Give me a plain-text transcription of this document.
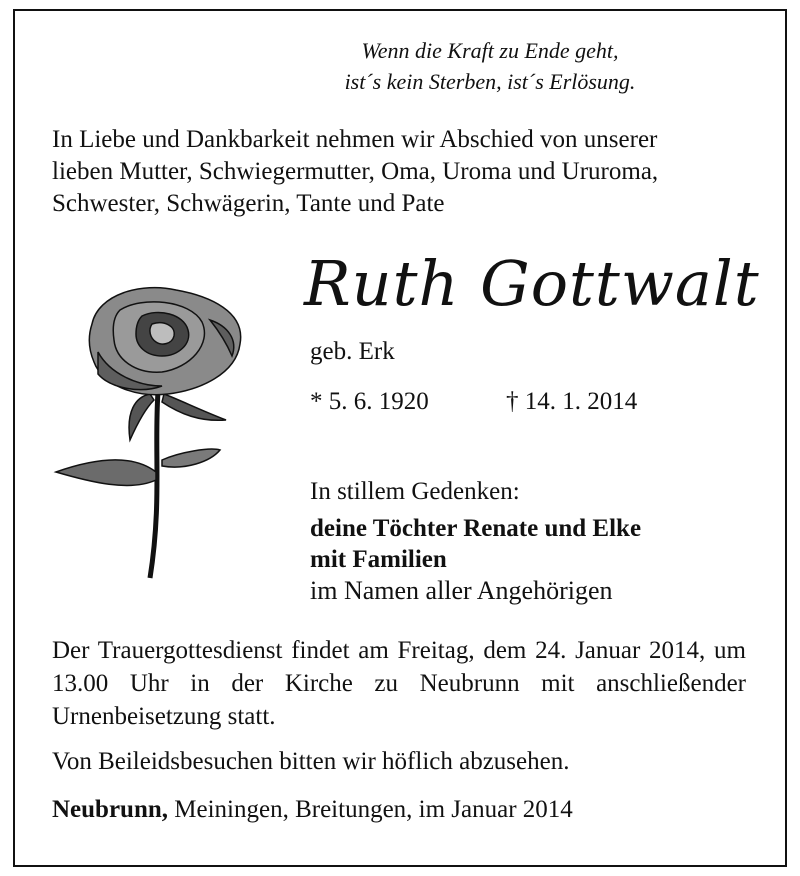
Wenn die Kraft zu Ende geht,
ist´s kein Sterben, ist´s Erlösung.

In Liebe und Dankbarkeit nehmen wir Abschied von unserer
lieben Mutter, Schwiegermutter, Oma, Uroma und Ururoma,
Schwester, Schwägerin, Tante und Pate

Ruth Gottwalt

geb. Erk

* 5. 6. 1920	† 14. 1. 2014

In stillem Gedenken:

deine Töchter Renate und Elke
mit Familien
im Namen aller Angehörigen

Der Trauergottesdienst findet am Freitag, dem 24. Januar 2014, um 13.00 Uhr in der Kirche zu Neubrunn mit anschließender Urnenbeisetzung statt.

Von Beileidsbesuchen bitten wir höflich abzusehen.

Neubrunn, Meiningen, Breitungen, im Januar 2014
